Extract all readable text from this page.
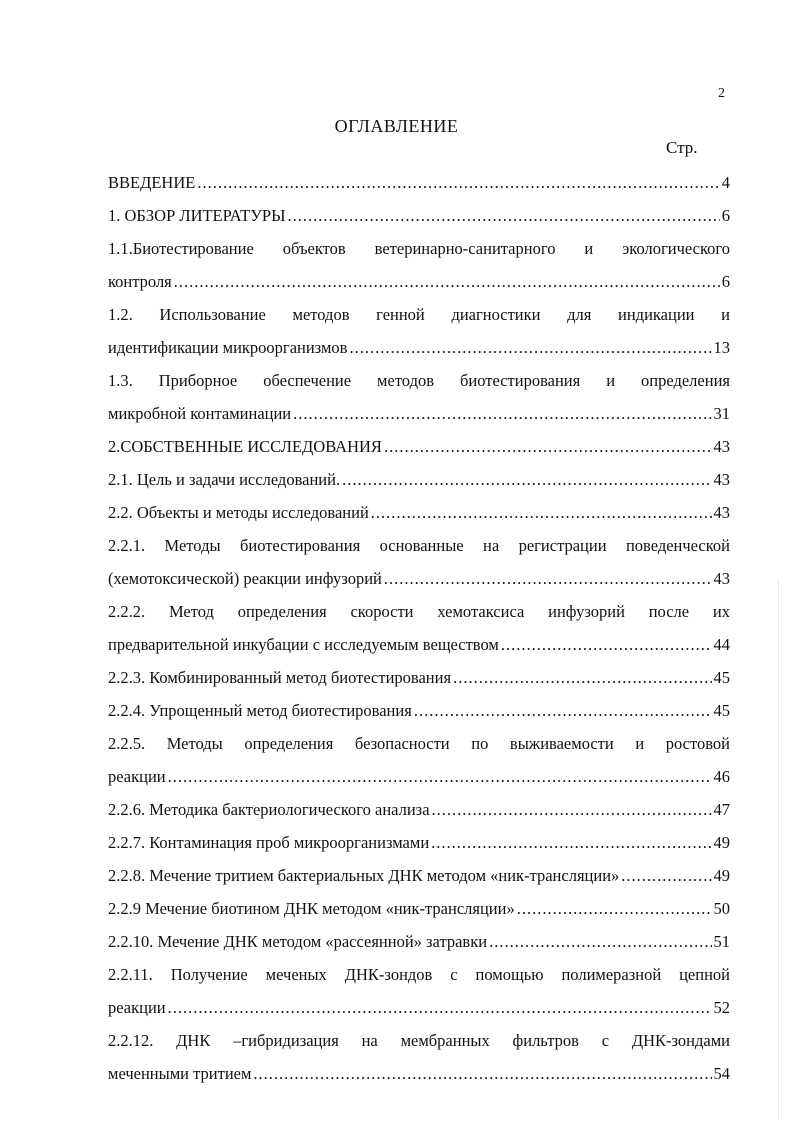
2
ОГЛАВЛЕНИЕ
Стр.
ВВЕДЕНИЕ .....	4
1. ОБЗОР ЛИТЕРАТУРЫ .....	6
1.1.Биотестирование объектов ветеринарно-санитарного и экологического
контроля .....	6
1.2. Использование методов генной диагностики для индикации и
идентификации микроорганизмов .....	13
1.3. Приборное обеспечение методов биотестирования и определения
микробной контаминации .....	31
2.СОБСТВЕННЫЕ ИССЛЕДОВАНИЯ .....	43
2.1. Цель и задачи исследований. .....	43
2.2. Объекты и методы исследований .....	43
2.2.1. Методы биотестирования основанные на регистрации поведенческой
(хемотоксической) реакции инфузорий .....	43
2.2.2. Метод определения скорости хемотаксиса инфузорий после их
предварительной инкубации с исследуемым веществом .....	44
2.2.3. Комбинированный метод биотестирования .....	45
2.2.4. Упрощенный метод биотестирования .....	45
2.2.5. Методы определения безопасности по выживаемости и ростовой
реакции .....	46
2.2.6. Методика бактериологического анализа .....	47
2.2.7. Контаминация проб микроорганизмами .....	49
2.2.8. Мечение тритием бактериальных ДНК методом «ник-трансляции» .....	49
2.2.9 Мечение биотином ДНК методом «ник-трансляции» .....	50
2.2.10. Мечение ДНК методом «рассеянной» затравки .....	51
2.2.11. Получение меченых ДНК-зондов с помощью полимеразной цепной
реакции .....	52
2.2.12. ДНК –гибридизация на мембранных фильтров с ДНК-зондами
меченными тритием .....	54
